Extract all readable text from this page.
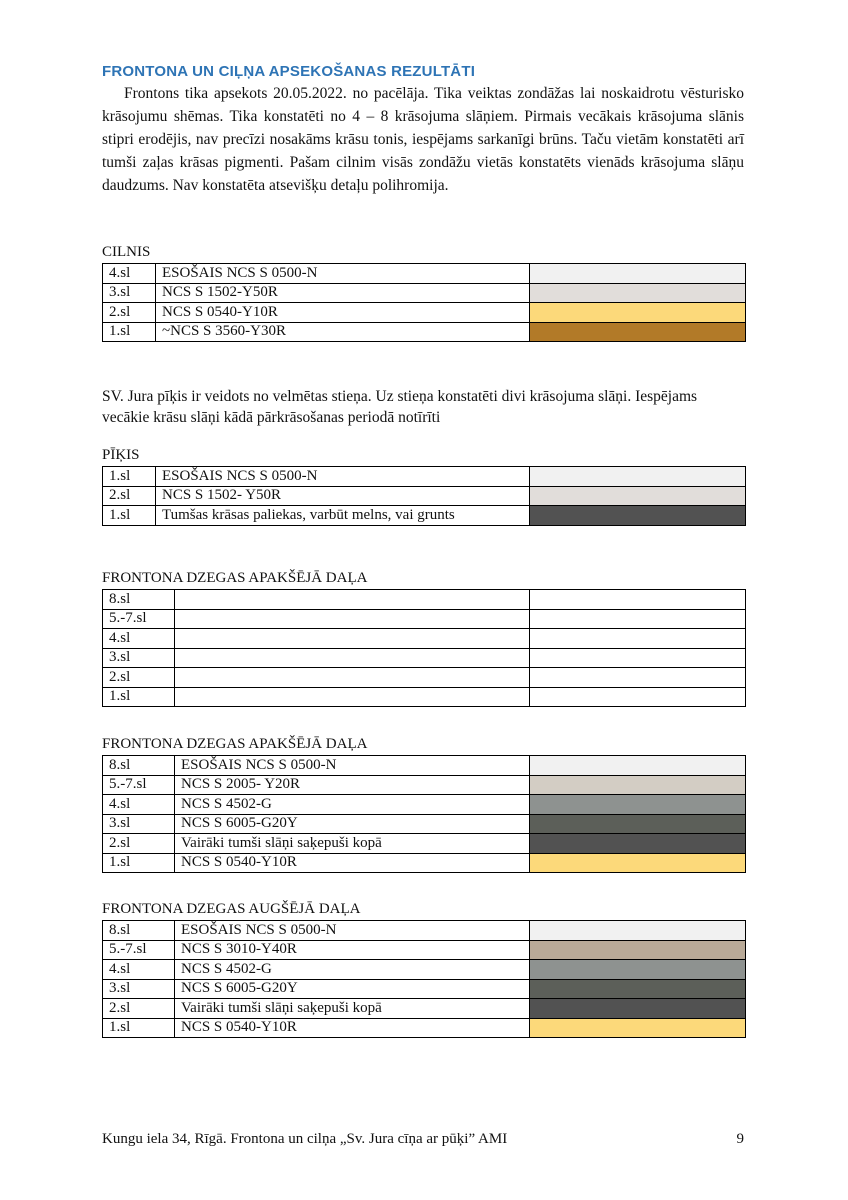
FRONTONA UN CIĻŅA APSEKOŠANAS REZULTĀTI
Frontons tika apsekots 20.05.2022. no pacēlāja. Tika veiktas zondāžas lai noskaidrotu vēsturisko krāsojumu shēmas. Tika konstatēti no 4 – 8 krāsojuma slāņiem. Pirmais vecākais krāsojuma slānis stipri erodējis, nav precīzi nosakāms krāsu tonis, iespējams sarkanīgi brūns. Taču vietām konstatēti arī tumši zaļas krāsas pigmenti. Pašam cilnim visās zondāžu vietās konstatēts vienāds krāsojuma slāņu daudzums. Nav konstatēta atsevišķu detaļu polihromija.
CILNIS
4.sl	ESOŠAIS NCS S 0500-N	
3.sl	NCS S 1502-Y50R	
2.sl	NCS S 0540-Y10R	
1.sl	~NCS S 3560-Y30R	
SV. Jura pīķis ir veidots no velmētas stieņa. Uz stieņa konstatēti divi krāsojuma slāņi. Iespējams vecākie krāsu slāņi kādā pārkrāsošanas periodā notīrīti
PĪĶIS
1.sl	ESOŠAIS NCS S 0500-N	
2.sl	NCS S 1502- Y50R	
1.sl	Tumšas krāsas paliekas, varbūt melns, vai grunts	
FRONTONA DZEGAS APAKŠĒJĀ DAĻA
8.sl		
5.-7.sl		
4.sl		
3.sl		
2.sl		
1.sl		
FRONTONA DZEGAS APAKŠĒJĀ DAĻA
8.sl	ESOŠAIS NCS S 0500-N	
5.-7.sl	NCS S 2005- Y20R	
4.sl	NCS S 4502-G	
3.sl	NCS S 6005-G20Y	
2.sl	Vairāki tumši slāņi saķepuši kopā	
1.sl	NCS S 0540-Y10R	
FRONTONA DZEGAS AUGŠĒJĀ DAĻA
8.sl	ESOŠAIS NCS S 0500-N	
5.-7.sl	NCS S 3010-Y40R	
4.sl	NCS S 4502-G	
3.sl	NCS S 6005-G20Y	
2.sl	Vairāki tumši slāņi saķepuši kopā	
1.sl	NCS S 0540-Y10R	
Kungu iela 34, Rīgā. Frontona un cilņa „Sv. Jura cīņa ar pūķi” AMI	9
